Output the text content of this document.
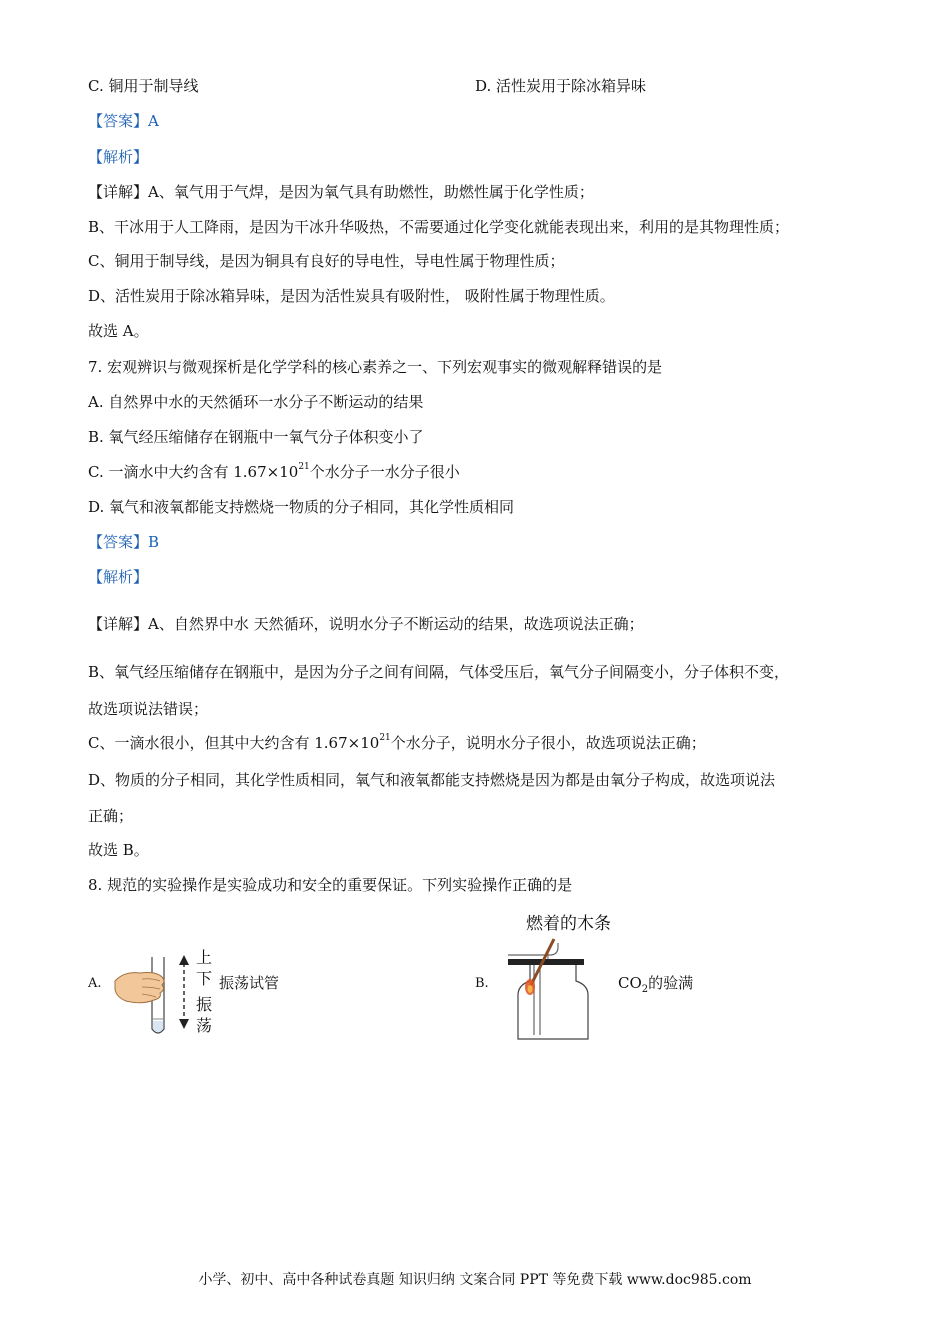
C. 铜用于制导线	D. 活性炭用于除冰箱异味
【答案】A
【解析】
【详解】A、氧气用于气焊，是因为氧气具有助燃性，助燃性属于化学性质；
B、干冰用于人工降雨，是因为干冰升华吸热，不需要通过化学变化就能表现出来，利用的是其物理性质；
C、铜用于制导线，是因为铜具有良好的导电性，导电性属于物理性质；
D、活性炭用于除冰箱异味，是因为活性炭具有吸附性， 吸附性属于物理性质。
故选 A。
7. 宏观辨识与微观探析是化学学科的核心素养之一、下列宏观事实的微观解释错误的是
A. 自然界中水的天然循环一水分子不断运动的结果
B. 氧气经压缩储存在钢瓶中一氧气分子体积变小了
C. 一滴水中大约含有 $1.67\times 10^{21}$个水分子一水分子很小
D. 氧气和液氧都能支持燃烧一物质的分子相同，其化学性质相同
【答案】B
【解析】
【详解】A、自然界中水 天然循环，说明水分子不断运动的结果，故选项说法正确；
B、氧气经压缩储存在钢瓶中，是因为分子之间有间隔，气体受压后，氧气分子间隔变小，分子体积不变，
故选项说法错误；
C、一滴水很小，但其中大约含有 $1.67\times 10^{21}$个水分子，说明水分子很小，故选项说法正确；
D、物质的分子相同，其化学性质相同，氧气和液氧都能支持燃烧是因为都是由氧分子构成，故选项说法
正确；
故选 B。
8. 规范的实验操作是实验成功和安全的重要保证。下列实验操作正确的是
A.
上
下
振
荡
振荡试管	B.
燃着的木条
$CO_2$的验满
小学、初中、高中各种试卷真题 知识归纳 文案合同 PPT 等免费下载 www.doc985.com
